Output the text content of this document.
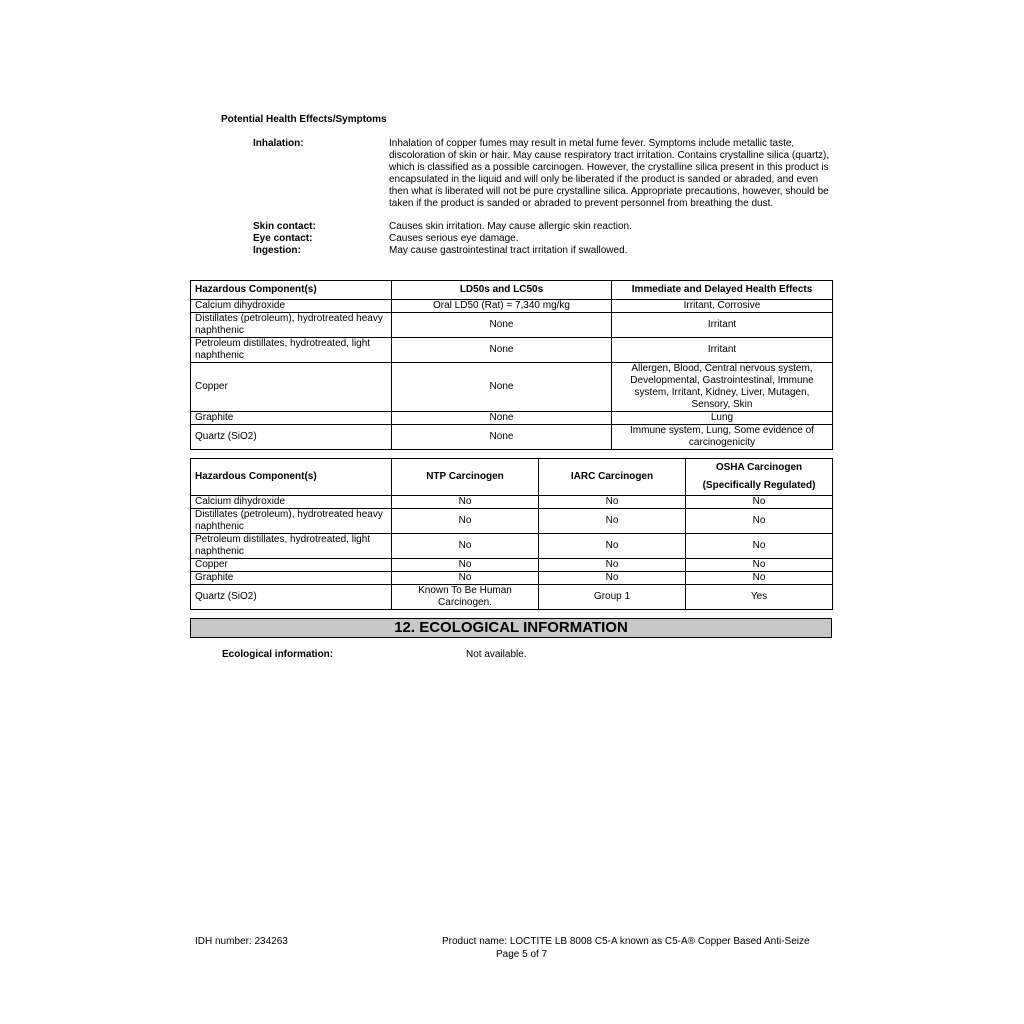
Potential Health Effects/Symptoms
Inhalation:	Inhalation of copper fumes may result in metal fume fever. Symptoms include metallic taste, discoloration of skin or hair. May cause respiratory tract irritation. Contains crystalline silica (quartz), which is classified as a possible carcinogen. However, the crystalline silica present in this product is encapsulated in the liquid and will only be liberated if the product is sanded or abraded, and even then what is liberated will not be pure crystalline silica. Appropriate precautions, however, should be taken if the product is sanded or abraded to prevent personnel from breathing the dust.
Skin contact:	Causes skin irritation. May cause allergic skin reaction.
Eye contact:	Causes serious eye damage.
Ingestion:	May cause gastrointestinal tract irritation if swallowed.
Hazardous Component(s)	LD50s and LC50s	Immediate and Delayed Health Effects
Calcium dihydroxide	Oral LD50 (Rat) = 7,340 mg/kg	Irritant, Corrosive
Distillates (petroleum), hydrotreated heavy naphthenic	None	Irritant
Petroleum distillates, hydrotreated, light naphthenic	None	Irritant
Copper	None	Allergen, Blood, Central nervous system, Developmental, Gastrointestinal, Immune system, Irritant, Kidney, Liver, Mutagen, Sensory, Skin
Graphite	None	Lung
Quartz (SiO2)	None	Immune system, Lung, Some evidence of carcinogenicity
Hazardous Component(s)	NTP Carcinogen	IARC Carcinogen	OSHA Carcinogen
(Specifically Regulated)
Calcium dihydroxide	No	No	No
Distillates (petroleum), hydrotreated heavy naphthenic	No	No	No
Petroleum distillates, hydrotreated, light naphthenic	No	No	No
Copper	No	No	No
Graphite	No	No	No
Quartz (SiO2)	Known To Be Human Carcinogen.	Group 1	Yes
12. ECOLOGICAL INFORMATION
Ecological information:	Not available.
IDH number: 234263	Product name: LOCTITE LB 8008 C5-A known as C5-A® Copper Based Anti-Seize
Page 5 of 7
